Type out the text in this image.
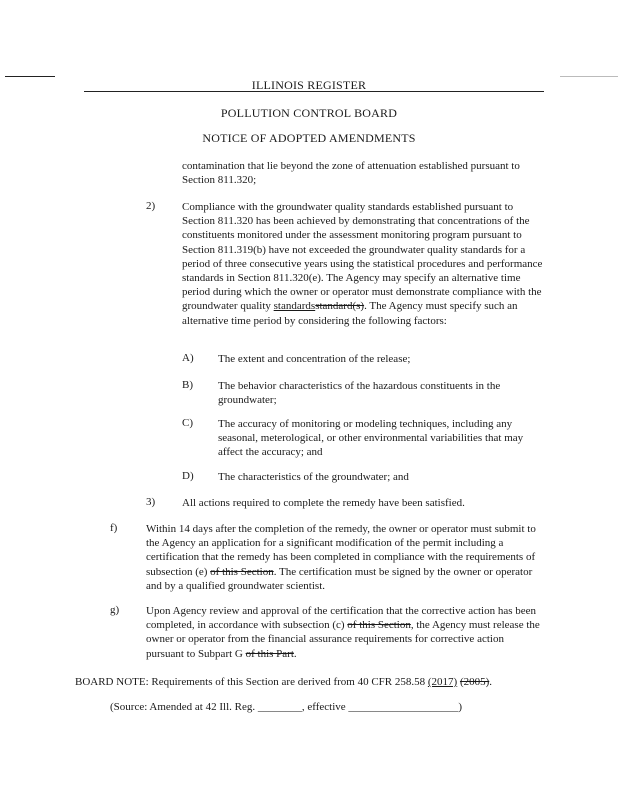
ILLINOIS REGISTER
POLLUTION CONTROL BOARD
NOTICE OF ADOPTED AMENDMENTS
contamination that lie beyond the zone of attenuation established pursuant to Section 811.320;
2) Compliance with the groundwater quality standards established pursuant to Section 811.320 has been achieved by demonstrating that concentrations of the constituents monitored under the assessment monitoring program pursuant to Section 811.319(b) have not exceeded the groundwater quality standards for a period of three consecutive years using the statistical procedures and performance standards in Section 811.320(e). The Agency may specify an alternative time period during which the owner or operator must demonstrate compliance with the groundwater quality standardsstandard(s). The Agency must specify such an alternative time period by considering the following factors:
A) The extent and concentration of the release;
B) The behavior characteristics of the hazardous constituents in the groundwater;
C) The accuracy of monitoring or modeling techniques, including any seasonal, meterological, or other environmental variabilities that may affect the accuracy; and
D) The characteristics of the groundwater; and
3) All actions required to complete the remedy have been satisfied.
f)	Within 14 days after the completion of the remedy, the owner or operator must submit to the Agency an application for a significant modification of the permit including a certification that the remedy has been completed in compliance with the requirements of subsection (e) of this Section. The certification must be signed by the owner or operator and by a qualified groundwater scientist.
g) Upon Agency review and approval of the certification that the corrective action has been completed, in accordance with subsection (c) of this Section, the Agency must release the owner or operator from the financial assurance requirements for corrective action pursuant to Subpart G of this Part.
BOARD NOTE: Requirements of this Section are derived from 40 CFR 258.58 (2017) (2005).
(Source: Amended at 42 Ill. Reg. ________, effective ____________________)
